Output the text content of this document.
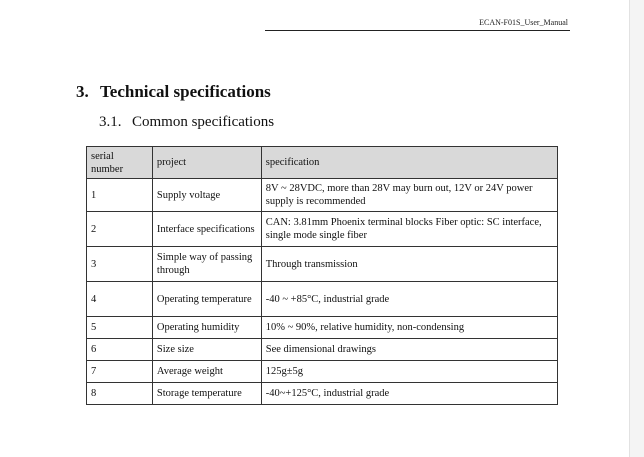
ECAN-F01S_User_Manual
3. Technical specifications
3.1. Common specifications
serial number	project	specification
1	Supply voltage	8V ~ 28VDC, more than 28V may burn out, 12V or 24V power supply is recommended
2	Interface specifications	CAN: 3.81mm Phoenix terminal blocks Fiber optic: SC interface, single mode single fiber
3	Simple way of passing through	Through transmission
4	Operating temperature	-40 ~ +85°C, industrial grade
5	Operating humidity	10% ~ 90%, relative humidity, non-condensing
6	Size size	See dimensional drawings
7	Average weight	125g±5g
8	Storage temperature	-40~+125°C, industrial grade
